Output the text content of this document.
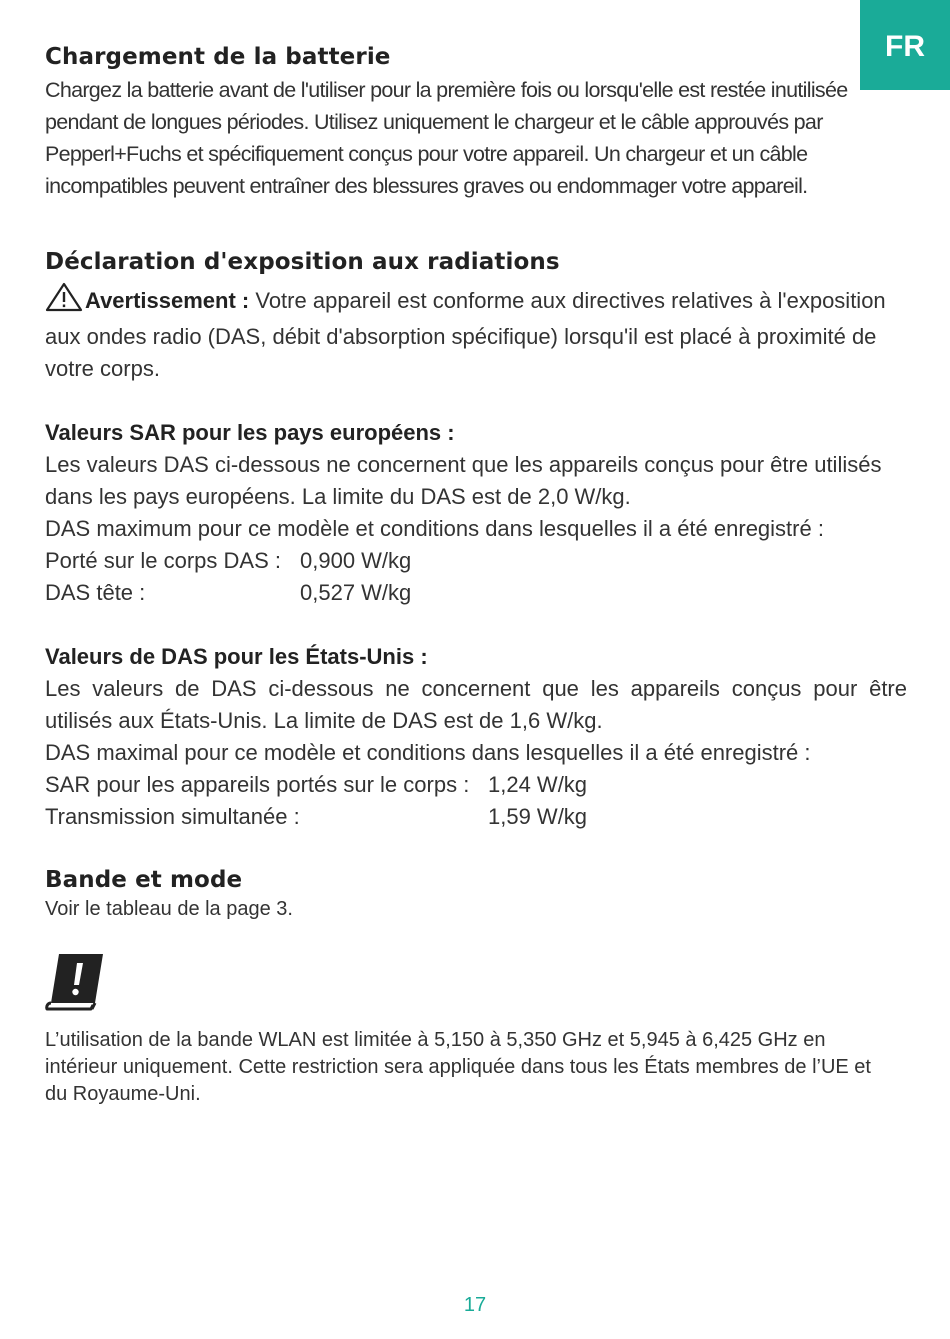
FR
Chargement de la batterie

Chargez la batterie avant de l'utiliser pour la première fois ou lorsqu'elle est restée inutilisée pendant de longues périodes. Utilisez uniquement le chargeur et le câble approuvés par Pepperl+Fuchs et spécifiquement conçus pour votre appareil. Un chargeur et un câble incompatibles peuvent entraîner des blessures graves ou endommager votre appareil.

Déclaration d'exposition aux radiations

Avertissement : Votre appareil est conforme aux directives relatives à l'exposition aux ondes radio (DAS, débit d'absorption spécifique) lorsqu'il est placé à proximité de votre corps.

Valeurs SAR pour les pays européens :

Les valeurs DAS ci-dessous ne concernent que les appareils conçus pour être utilisés dans les pays européens. La limite du DAS est de 2,0 W/kg.

DAS maximum pour ce modèle et conditions dans lesquelles il a été enregistré :

Porté sur le corps DAS : 0,900 W/kg
DAS tête :	0,527 W/kg
Valeurs de DAS pour les États-Unis :

Les valeurs de DAS ci-dessous ne concernent que les appareils conçus pour être utilisés aux États-Unis. La limite de DAS est de 1,6 W/kg.

DAS maximal pour ce modèle et conditions dans lesquelles il a été enregistré :

SAR pour les appareils portés sur le corps : 1,24 W/kg
Transmission simultanée :	1,59 W/kg
Bande et mode

Voir le tableau de la page 3.

L’utilisation de la bande WLAN est limitée à 5,150 à 5,350 GHz et 5,945 à 6,425 GHz en intérieur uniquement. Cette restriction sera appliquée dans tous les États membres de l’UE et du Royaume-Uni.

17
